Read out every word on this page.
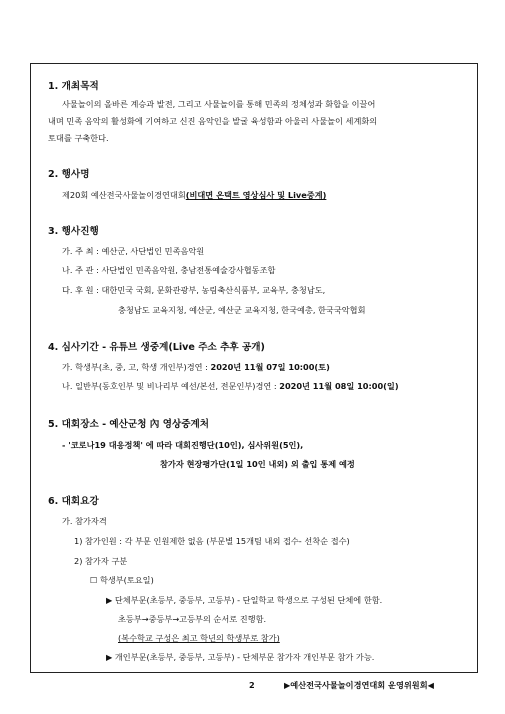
1. 개최목적
사물놀이의 올바른 계승과 발전, 그리고 사물놀이를 통해 민족의 정체성과 화합을 이끌어
내며 민족 음악의 활성화에 기여하고 신진 음악인을 발굴 육성함과 아울러 사물놀이 세계화의
토대를 구축한다.
2. 행사명
제20회 예산전국사물놀이경연대회(비대면 온택트 영상심사 및 Live중계)
3. 행사진행
가. 주 최 : 예산군, 사단법인 민족음악원
나. 주 관 : 사단법인 민족음악원, 충남전통예술강사협동조합
다. 후 원 : 대한민국 국회, 문화관광부, 농림축산식품부, 교육부, 충청남도,
충청남도 교육지청, 예산군, 예산군 교육지청, 한국예총, 한국국악협회
4. 심사기간 - 유튜브 생중계(Live 주소 추후 공개)
가. 학생부(초, 중, 고, 학생 개인부)경연 : 2020년 11월 07일 10:00(토)
나. 일반부(동호인부 및 비나리부 예선/본선, 전문인부)경연 : 2020년 11월 08일 10:00(일)
5. 대회장소 - 예산군청 內 영상중계처
- '코로나19 대응정책' 에 따라 대회진행단(10인), 심사위원(5인),
참가자 현장평가단(1일 10인 내외) 외 출입 통제 예정
6. 대회요강
가. 참가자격
1) 참가인원 : 각 부문 인원제한 없음 (부문별 15개팀 내외 접수- 선착순 접수)
2) 참가자 구분
☐ 학생부(토요일)
▶ 단체부문(초등부, 중등부, 고등부) - 단일학교 학생으로 구성된 단체에 한함.
초등부→중등부→고등부의 순서로 진행함.
(복수학교 구성은 최고 학년의 학생부로 참가)
▶ 개인부문(초등부, 중등부, 고등부) - 단체부문 참가자 개인부문 참가 가능.
2	▶예산전국사물놀이경연대회 운영위원회◀
